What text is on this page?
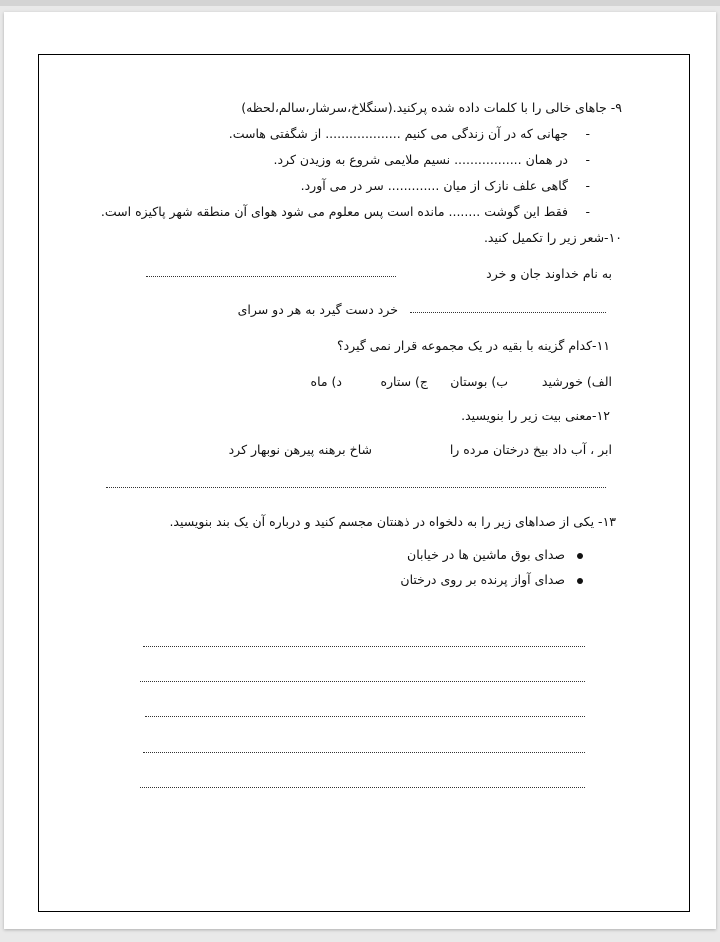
۹- جاهای خالی را با کلمات داده شده پرکنید.(سنگلاخ،سرشار،سالم،لحظه)
-
جهانی که در آن زندگی می کنیم ................... از شگفتی هاست.
-
در همان ................. نسیم ملایمی شروع به وزیدن کرد.
-
گاهی علف نازک از میان ............. سر در می آورد.
-
فقط این گوشت ........ مانده است پس معلوم می شود هوای آن منطقه شهر پاکیزه است.
۱۰-شعر زیر را تکمیل کنید.
به نام خداوند جان و خرد
خرد دست گیرد به هر دو سرای
۱۱-کدام گزینه با بقیه در یک مجموعه قرار نمی گیرد؟
الف) خورشید
ب) بوستان
ج) ستاره
د) ماه
۱۲-معنی بیت زیر را بنویسید.
ابر ، آب داد بیخ درختان مرده را
شاخ برهنه پیرهن نوبهار کرد
۱۳- یکی از صداهای زیر را به دلخواه در ذهنتان مجسم کنید و درباره آن یک بند بنویسید.
صدای بوق ماشین ها در خیابان
صدای آواز پرنده بر روی درختان
